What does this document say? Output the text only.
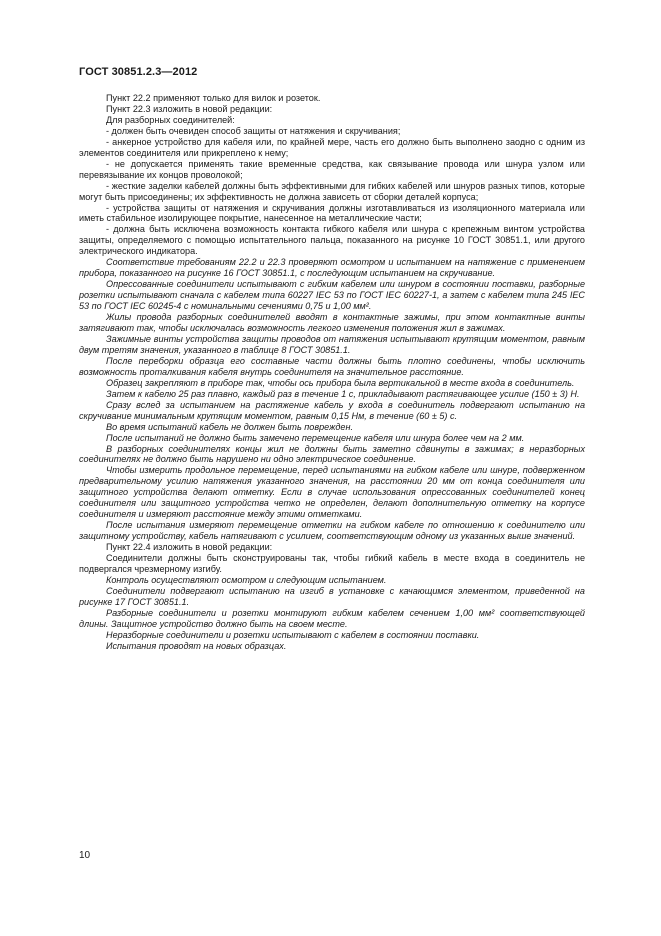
ГОСТ 30851.2.3—2012

Пункт 22.2 применяют только для вилок и розеток.

Пункт 22.3 изложить в новой редакции:

Для разборных соединителей:

- должен быть очевиден способ защиты от натяжения и скручивания;

- анкерное устройство для кабеля или, по крайней мере, часть его должно быть выполнено заодно с одним из элементов соединителя или прикреплено к нему;

- не допускается применять такие временные средства, как связывание провода или шнура узлом или перевязывание их концов проволокой;

- жесткие заделки кабелей должны быть эффективными для гибких кабелей или шнуров разных типов, которые могут быть присоединены; их эффективность не должна зависеть от сборки деталей корпуса;

- устройства защиты от натяжения и скручивания должны изготавливаться из изоляционного материала или иметь стабильное изолирующее покрытие, нанесенное на металлические части;

- должна быть исключена возможность контакта гибкого кабеля или шнура с крепежным винтом устройства защиты, определяемого с помощью испытательного пальца, показанного на рисунке 10 ГОСТ 30851.1, или другого электрического индикатора.

Соответствие требованиям 22.2 и 22.3 проверяют осмотром и испытанием на натяжение с применением прибора, показанного на рисунке 16 ГОСТ 30851.1, с последующим испытанием на скручивание.

Опрессованные соединители испытывают с гибким кабелем или шнуром в состоянии поставки, разборные розетки испытывают сначала с кабелем типа 60227 IEC 53 по ГОСТ IEC 60227-1, а затем с кабелем типа 245 IEC 53 по ГОСТ IEC 60245-4 с номинальными сечениями 0,75 и 1,00 мм².

Жилы провода разборных соединителей вводят в контактные зажимы, при этом контактные винты затягивают так, чтобы исключалась возможность легкого изменения положения жил в зажимах.

Зажимные винты устройства защиты проводов от натяжения испытывают крутящим моментом, равным двум третям значения, указанного в таблице 8 ГОСТ 30851.1.

После переборки образца его составные части должны быть плотно соединены, чтобы исключить возможность проталкивания кабеля внутрь соединителя на значительное расстояние.

Образец закрепляют в приборе так, чтобы ось прибора была вертикальной в месте входа в соединитель.

Затем к кабелю 25 раз плавно, каждый раз в течение 1 с, прикладывают растягивающее усилие (150 ± 3) Н.

Сразу вслед за испытанием на растяжение кабель у входа в соединитель подвергают испытанию на скручивание минимальным крутящим моментом, равным 0,15 Нм, в течение (60 ± 5) с.

Во время испытаний кабель не должен быть поврежден.

После испытаний не должно быть замечено перемещение кабеля или шнура более чем на 2 мм.

В разборных соединителях концы жил не должны быть заметно сдвинуты в зажимах; в неразборных соединителях не должно быть нарушено ни одно электрическое соединение.

Чтобы измерить продольное перемещение, перед испытаниями на гибком кабеле или шнуре, подверженном предварительному усилию натяжения указанного значения, на расстоянии 20 мм от конца соединителя или защитного устройства делают отметку. Если в случае использования опрессованных соединителей конец соединителя или защитного устройства четко не определен, делают дополнительную отметку на корпусе соединителя и измеряют расстояние между этими отметками.

После испытания измеряют перемещение отметки на гибком кабеле по отношению к соединителю или защитному устройству, кабель натягивают с усилием, соответствующим одному из указанных выше значений.

Пункт 22.4 изложить в новой редакции:

Соединители должны быть сконструированы так, чтобы гибкий кабель в месте входа в соединитель не подвергался чрезмерному изгибу.

Контроль осуществляют осмотром и следующим испытанием.

Соединители подвергают испытанию на изгиб в установке с качающимся элементом, приведенной на рисунке 17 ГОСТ 30851.1.

Разборные соединители и розетки монтируют гибким кабелем сечением 1,00 мм² соответствующей длины. Защитное устройство должно быть на своем месте.

Неразборные соединители и розетки испытывают с кабелем в состоянии поставки.

Испытания проводят на новых образцах.

10
